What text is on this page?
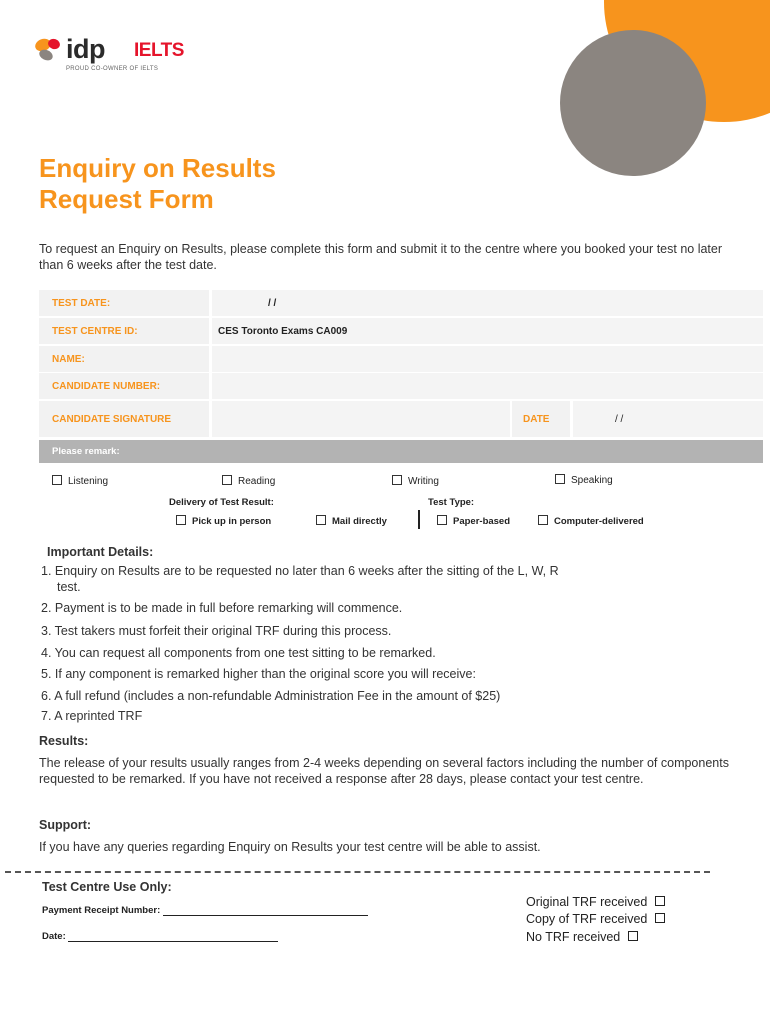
idp IELTS
PROUD CO-OWNER OF IELTS
Enquiry on Results
Request Form
To request an Enquiry on Results, please complete this form and submit it to the centre where you booked your test no later than 6 weeks after the test date.
TEST DATE:	/ /
TEST CENTRE ID:	CES Toronto Exams CA009
NAME:
CANDIDATE NUMBER:
CANDIDATE SIGNATURE	DATE	/ /
Please remark:
Listening	Reading	Writing	Speaking
Delivery of Test Result:	Test Type:
Pick up in person	Mail directly	Paper-based	Computer-delivered
Important Details:
1. Enquiry on Results are to be requested no later than 6 weeks after the sitting of the L, W, R
test.
2. Payment is to be made in full before remarking will commence.
3. Test takers must forfeit their original TRF during this process.
4. You can request all components from one test sitting to be remarked.
5. If any component is remarked higher than the original score you will receive:
6. A full refund (includes a non-refundable Administration Fee in the amount of $25)
7. A reprinted TRF
Results:
The release of your results usually ranges from 2-4 weeks depending on several factors including the number of components requested to be remarked. If you have not received a response after 28 days, please contact your test centre.
Support:
If you have any queries regarding Enquiry on Results your test centre will be able to assist.
Test Centre Use Only:
Payment Receipt Number:
Date:
Original TRF received
Copy of TRF received
No TRF received
